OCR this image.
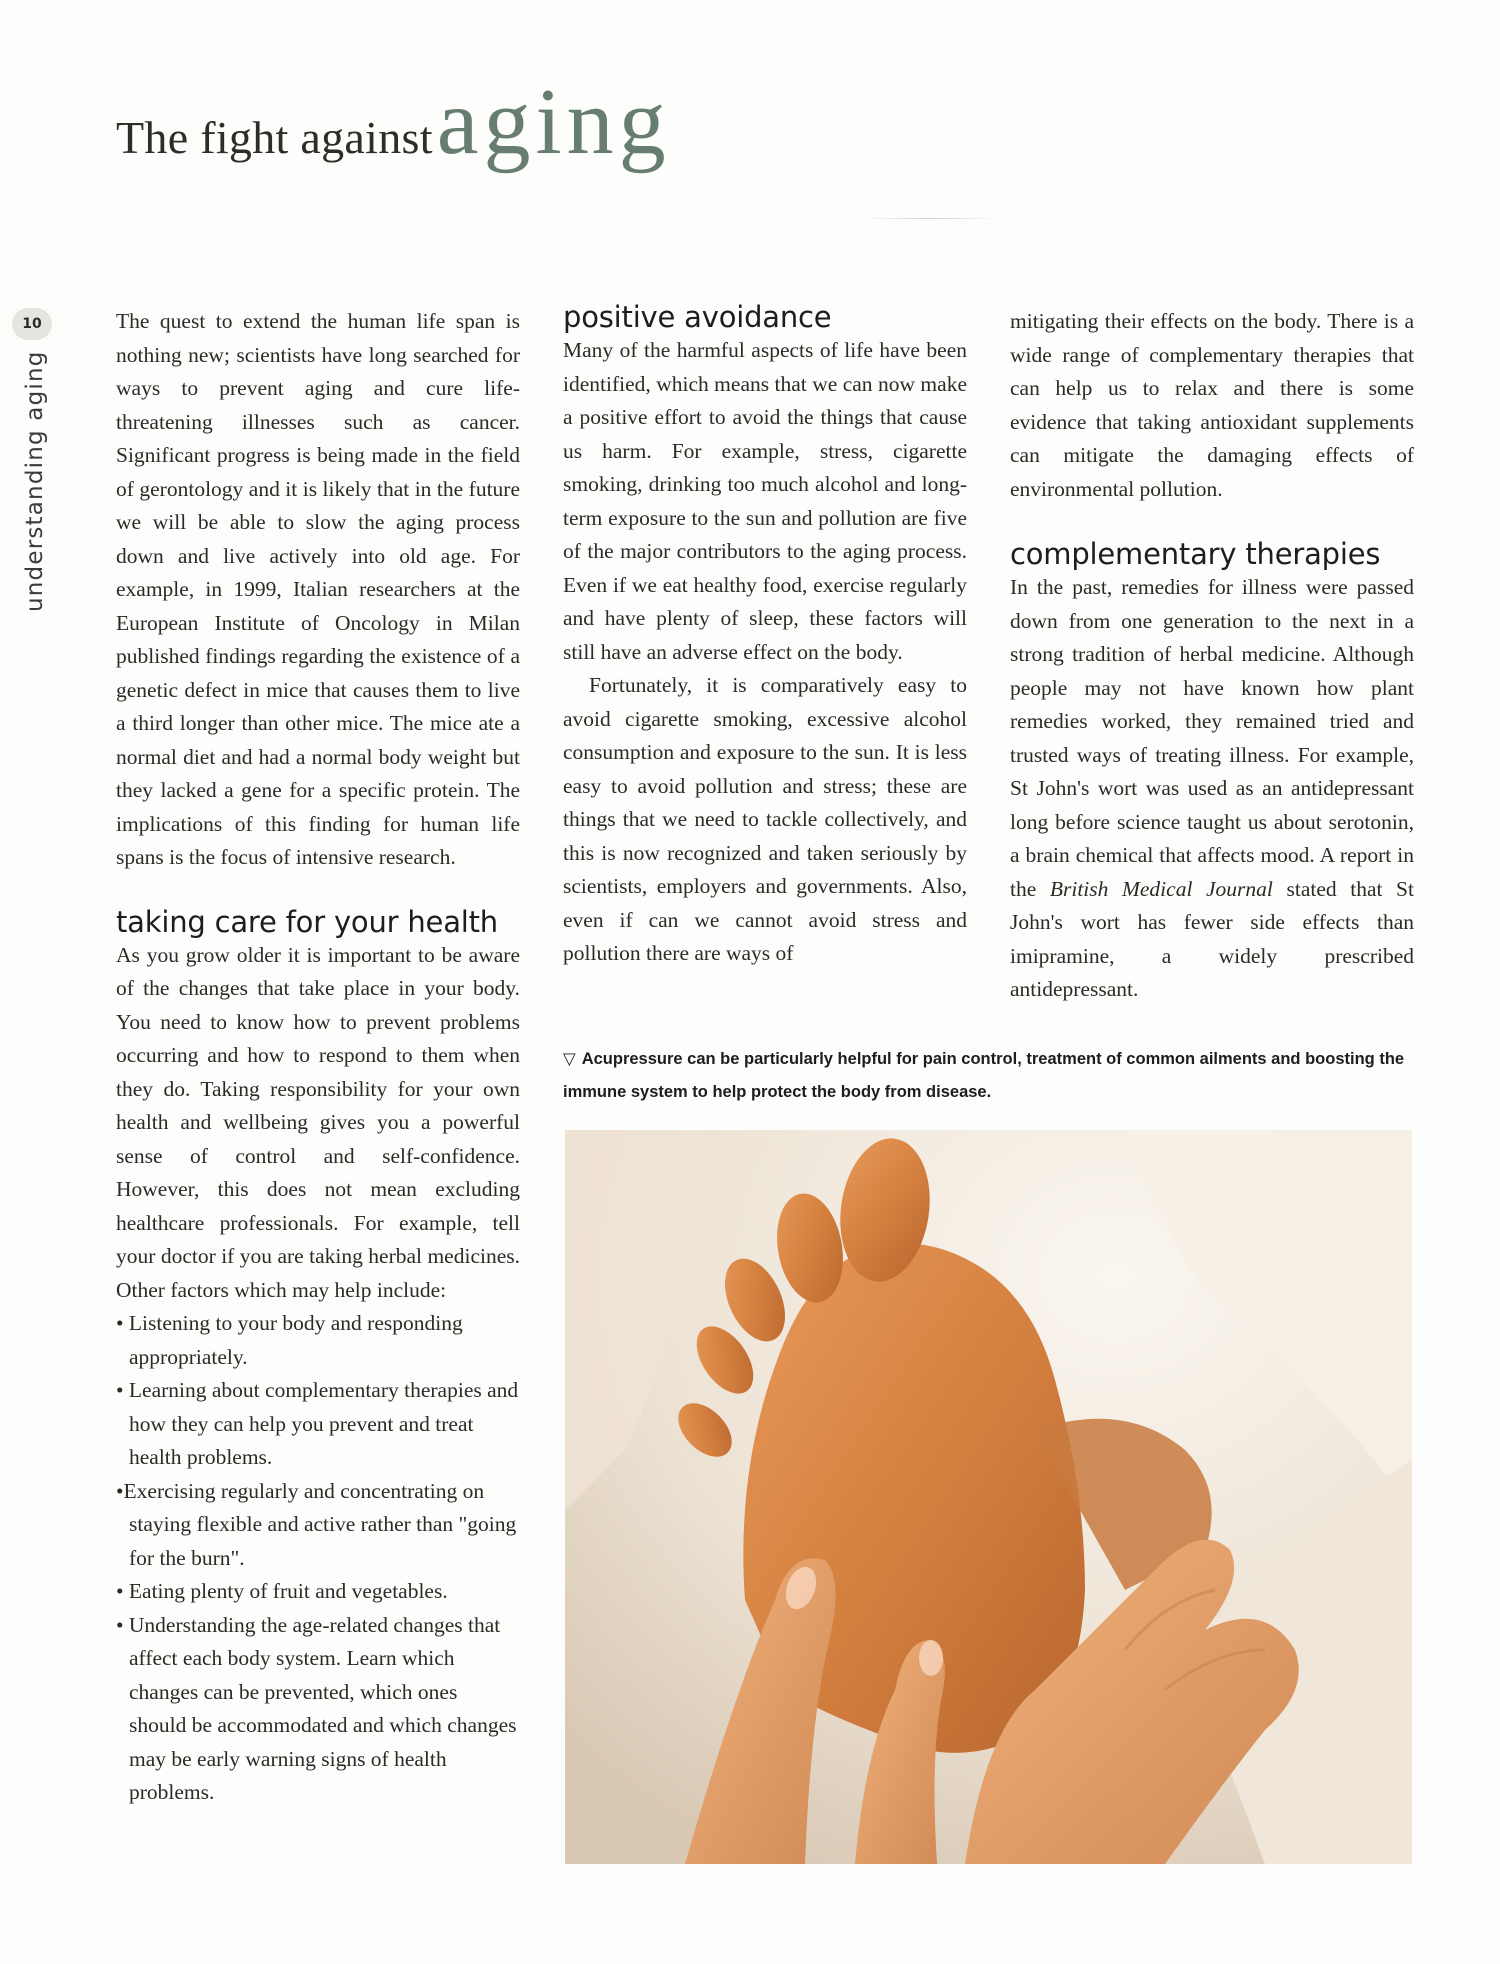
The fight against aging
10
understanding aging

The quest to extend the human life span is nothing new; scientists have long searched for ways to prevent aging and cure life-threatening illnesses such as cancer. Significant progress is being made in the field of gerontology and it is likely that in the future we will be able to slow the aging process down and live actively into old age. For example, in 1999, Italian researchers at the European Institute of Oncology in Milan published findings regarding the existence of a genetic defect in mice that causes them to live a third longer than other mice. The mice ate a normal diet and had a normal body weight but they lacked a gene for a specific protein. The implications of this finding for human life spans is the focus of intensive research.

taking care for your health

As you grow older it is important to be aware of the changes that take place in your body. You need to know how to prevent problems occurring and how to respond to them when they do. Taking responsibility for your own health and wellbeing gives you a powerful sense of control and self-confidence. However, this does not mean excluding healthcare professionals. For example, tell your doctor if you are taking herbal medicines. Other factors which may help include:

• Listening to your body and responding appropriately.
• Learning about complementary therapies and how they can help you prevent and treat health problems.
•Exercising regularly and concentrating on staying flexible and active rather than "going for the burn".
• Eating plenty of fruit and vegetables.
• Understanding the age-related changes that affect each body system. Learn which changes can be prevented, which ones should be accommodated and which changes may be early warning signs of health problems.
positive avoidance

Many of the harmful aspects of life have been identified, which means that we can now make a positive effort to avoid the things that cause us harm. For example, stress, cigarette smoking, drinking too much alcohol and long-term exposure to the sun and pollution are five of the major contributors to the aging process. Even if we eat healthy food, exercise regularly and have plenty of sleep, these factors will still have an adverse effect on the body.

Fortunately, it is comparatively easy to avoid cigarette smoking, excessive alcohol consumption and exposure to the sun. It is less easy to avoid pollution and stress; these are things that we need to tackle collectively, and this is now recognized and taken seriously by scientists, employers and governments. Also, even if can we cannot avoid stress and pollution there are ways of

mitigating their effects on the body. There is a wide range of complementary therapies that can help us to relax and there is some evidence that taking antioxidant supplements can mitigate the damaging effects of environmental pollution.

complementary therapies

In the past, remedies for illness were passed down from one generation to the next in a strong tradition of herbal medicine. Although people may not have known how plant remedies worked, they remained tried and trusted ways of treating illness. For example, St John's wort was used as an antidepressant long before science taught us about serotonin, a brain chemical that affects mood. A report in the British Medical Journal stated that St John's wort has fewer side effects than imipramine, a widely prescribed antidepressant.

▽ Acupressure can be particularly helpful for pain control, treatment of common ailments and boosting the immune system to help protect the body from disease.
